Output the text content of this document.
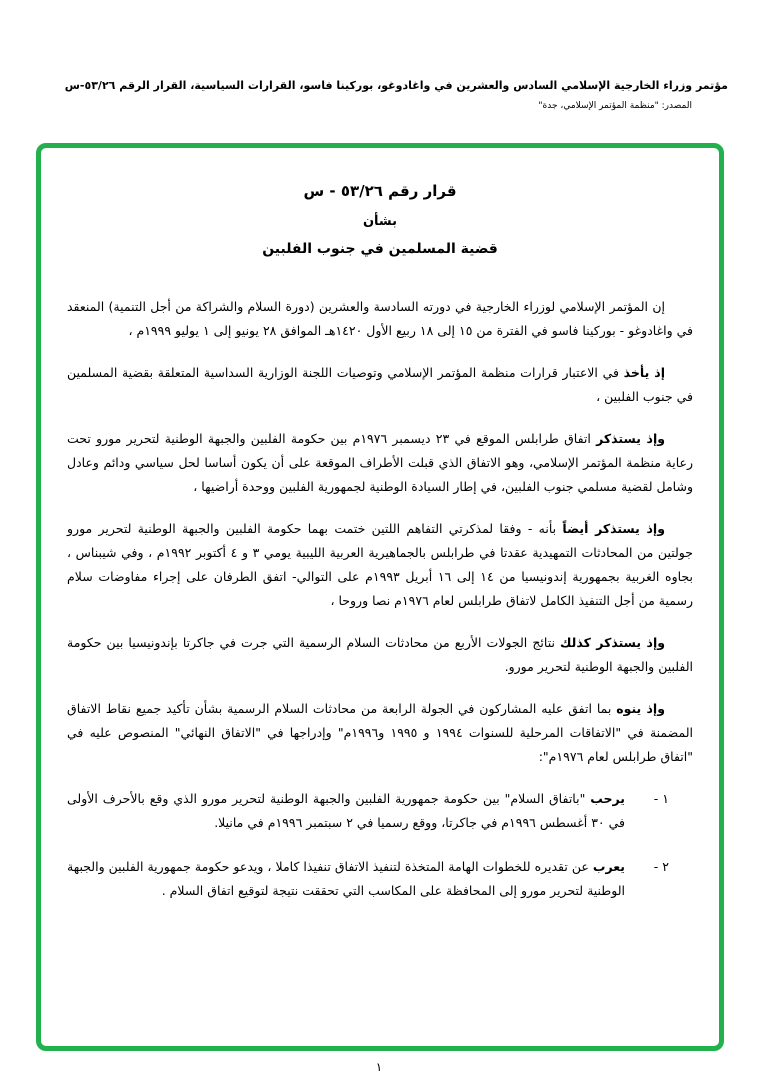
مؤتمر وزراء الخارجية الإسلامي السادس والعشرين في واغادوغو، بوركينا فاسو، القرارات السياسية، القرار الرقم ٥٣/٢٦-س
المصدر: "منظمة المؤتمر الإسلامي، جدة"
قرار رقم ٥٣/٢٦ - س
بشأن
قضية المسلمين في جنوب الفلبين
إن المؤتمر الإسلامي لوزراء الخارجية في دورته السادسة والعشرين (دورة السلام والشراكة من أجل التنمية) المنعقد في واغادوغو - بوركينا فاسو في الفترة من ١٥ إلى ١٨ ربيع الأول ١٤٢٠هـ الموافق ٢٨ يونيو إلى ١ يوليو ١٩٩٩م ،
إذ يأخذ في الاعتبار قرارات منظمة المؤتمر الإسلامي وتوصيات اللجنة الوزارية السداسية المتعلقة بقضية المسلمين في جنوب الفلبين ،
وإذ يستذكر اتفاق طرابلس الموقع في ٢٣ ديسمبر ١٩٧٦م بين حكومة الفلبين والجبهة الوطنية لتحرير مورو تحت رعاية منظمة المؤتمر الإسلامي، وهو الاتفاق الذي قبلت الأطراف الموقعة على أن يكون أساسا لحل سياسي ودائم وعادل وشامل لقضية مسلمي جنوب الفلبين، في إطار السيادة الوطنية لجمهورية الفلبين ووحدة أراضيها ،
وإذ يستذكر أيضاً بأنه - وفقا لمذكرتي التفاهم اللتين ختمت بهما حكومة الفلبين والجبهة الوطنية لتحرير مورو جولتين من المحادثات التمهيدية عقدتا في طرابلس بالجماهيرية العربية الليبية يومي ٣ و ٤ أكتوبر ١٩٩٢م ، وفي شيبناس ، بجاوه الغربية بجمهورية إندونيسيا من ١٤ إلى ١٦ أبريل ١٩٩٣م على التوالي- اتفق الطرفان على إجراء مفاوضات سلام رسمية من أجل التنفيذ الكامل لاتفاق طرابلس لعام ١٩٧٦م نصا وروحا ،
وإذ يستذكر كذلك نتائج الجولات الأربع من محادثات السلام الرسمية التي جرت في جاكرتا بإندونيسيا بين حكومة الفلبين والجبهة الوطنية لتحرير مورو.
وإذ ينوه بما اتفق عليه المشاركون في الجولة الرابعة من محادثات السلام الرسمية بشأن تأكيد جميع نقاط الاتفاق المضمنة في "الاتفاقات المرحلية للسنوات ١٩٩٤ و ١٩٩٥ و١٩٩٦م" وإدراجها في "الاتفاق النهائي" المنصوص عليه في "اتفاق طرابلس لعام ١٩٧٦م":
١ -
يرحب "باتفاق السلام" بين حكومة جمهورية الفلبين والجبهة الوطنية لتحرير مورو الذي وقع بالأحرف الأولى في ٣٠ أغسطس ١٩٩٦م في جاكرتا، ووقع رسميا في ٢ سبتمبر ١٩٩٦م في مانيلا.
٢ -
يعرب عن تقديره للخطوات الهامة المتخذة لتنفيذ الاتفاق تنفيذا كاملا ، ويدعو حكومة جمهورية الفلبين والجبهة الوطنية لتحرير مورو إلى المحافظة على المكاسب التي تحققت نتيجة لتوقيع اتفاق السلام .
١
